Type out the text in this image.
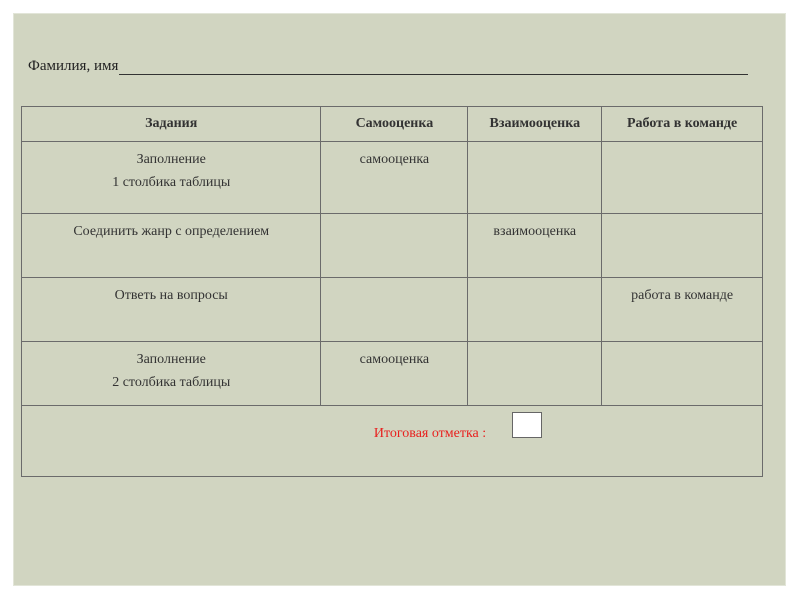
Фамилия, имя
Задания	Самооценка	Взаимооценка	Работа в команде

Заполнение
1 столбика таблицы	самооценка		

Соединить жанр с определением		взаимооценка	

Ответь на вопросы			работа в команде

Заполнение
2 столбика таблицы	самооценка		

Итоговая отметка :			
